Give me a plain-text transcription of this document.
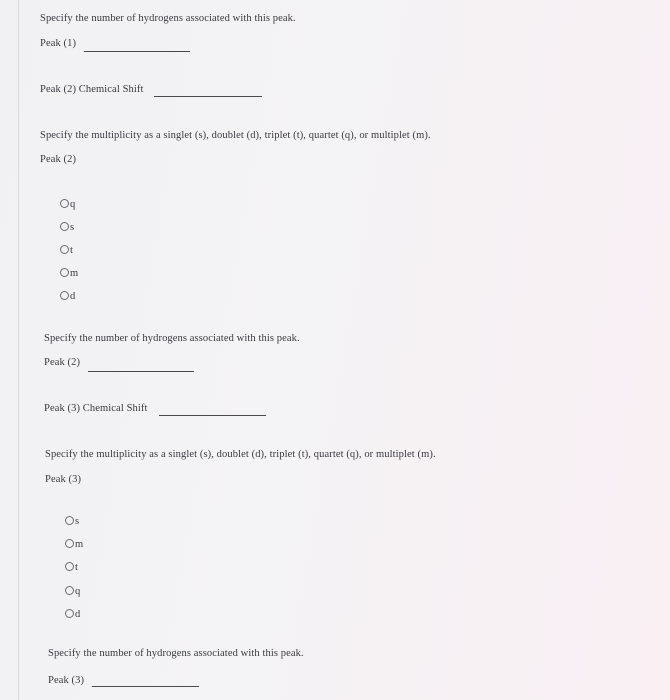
Specify the number of hydrogens associated with this peak.
Peak (1)
Peak (2) Chemical Shift
Specify the multiplicity as a singlet (s), doublet (d), triplet (t), quartet (q), or multiplet (m).
Peak (2)
q
s
t
m
d
Specify the number of hydrogens associated with this peak.
Peak (2)
Peak (3) Chemical Shift
Specify the multiplicity as a singlet (s), doublet (d), triplet (t), quartet (q), or multiplet (m).
Peak (3)
s
m
t
q
d
Specify the number of hydrogens associated with this peak.
Peak (3)
